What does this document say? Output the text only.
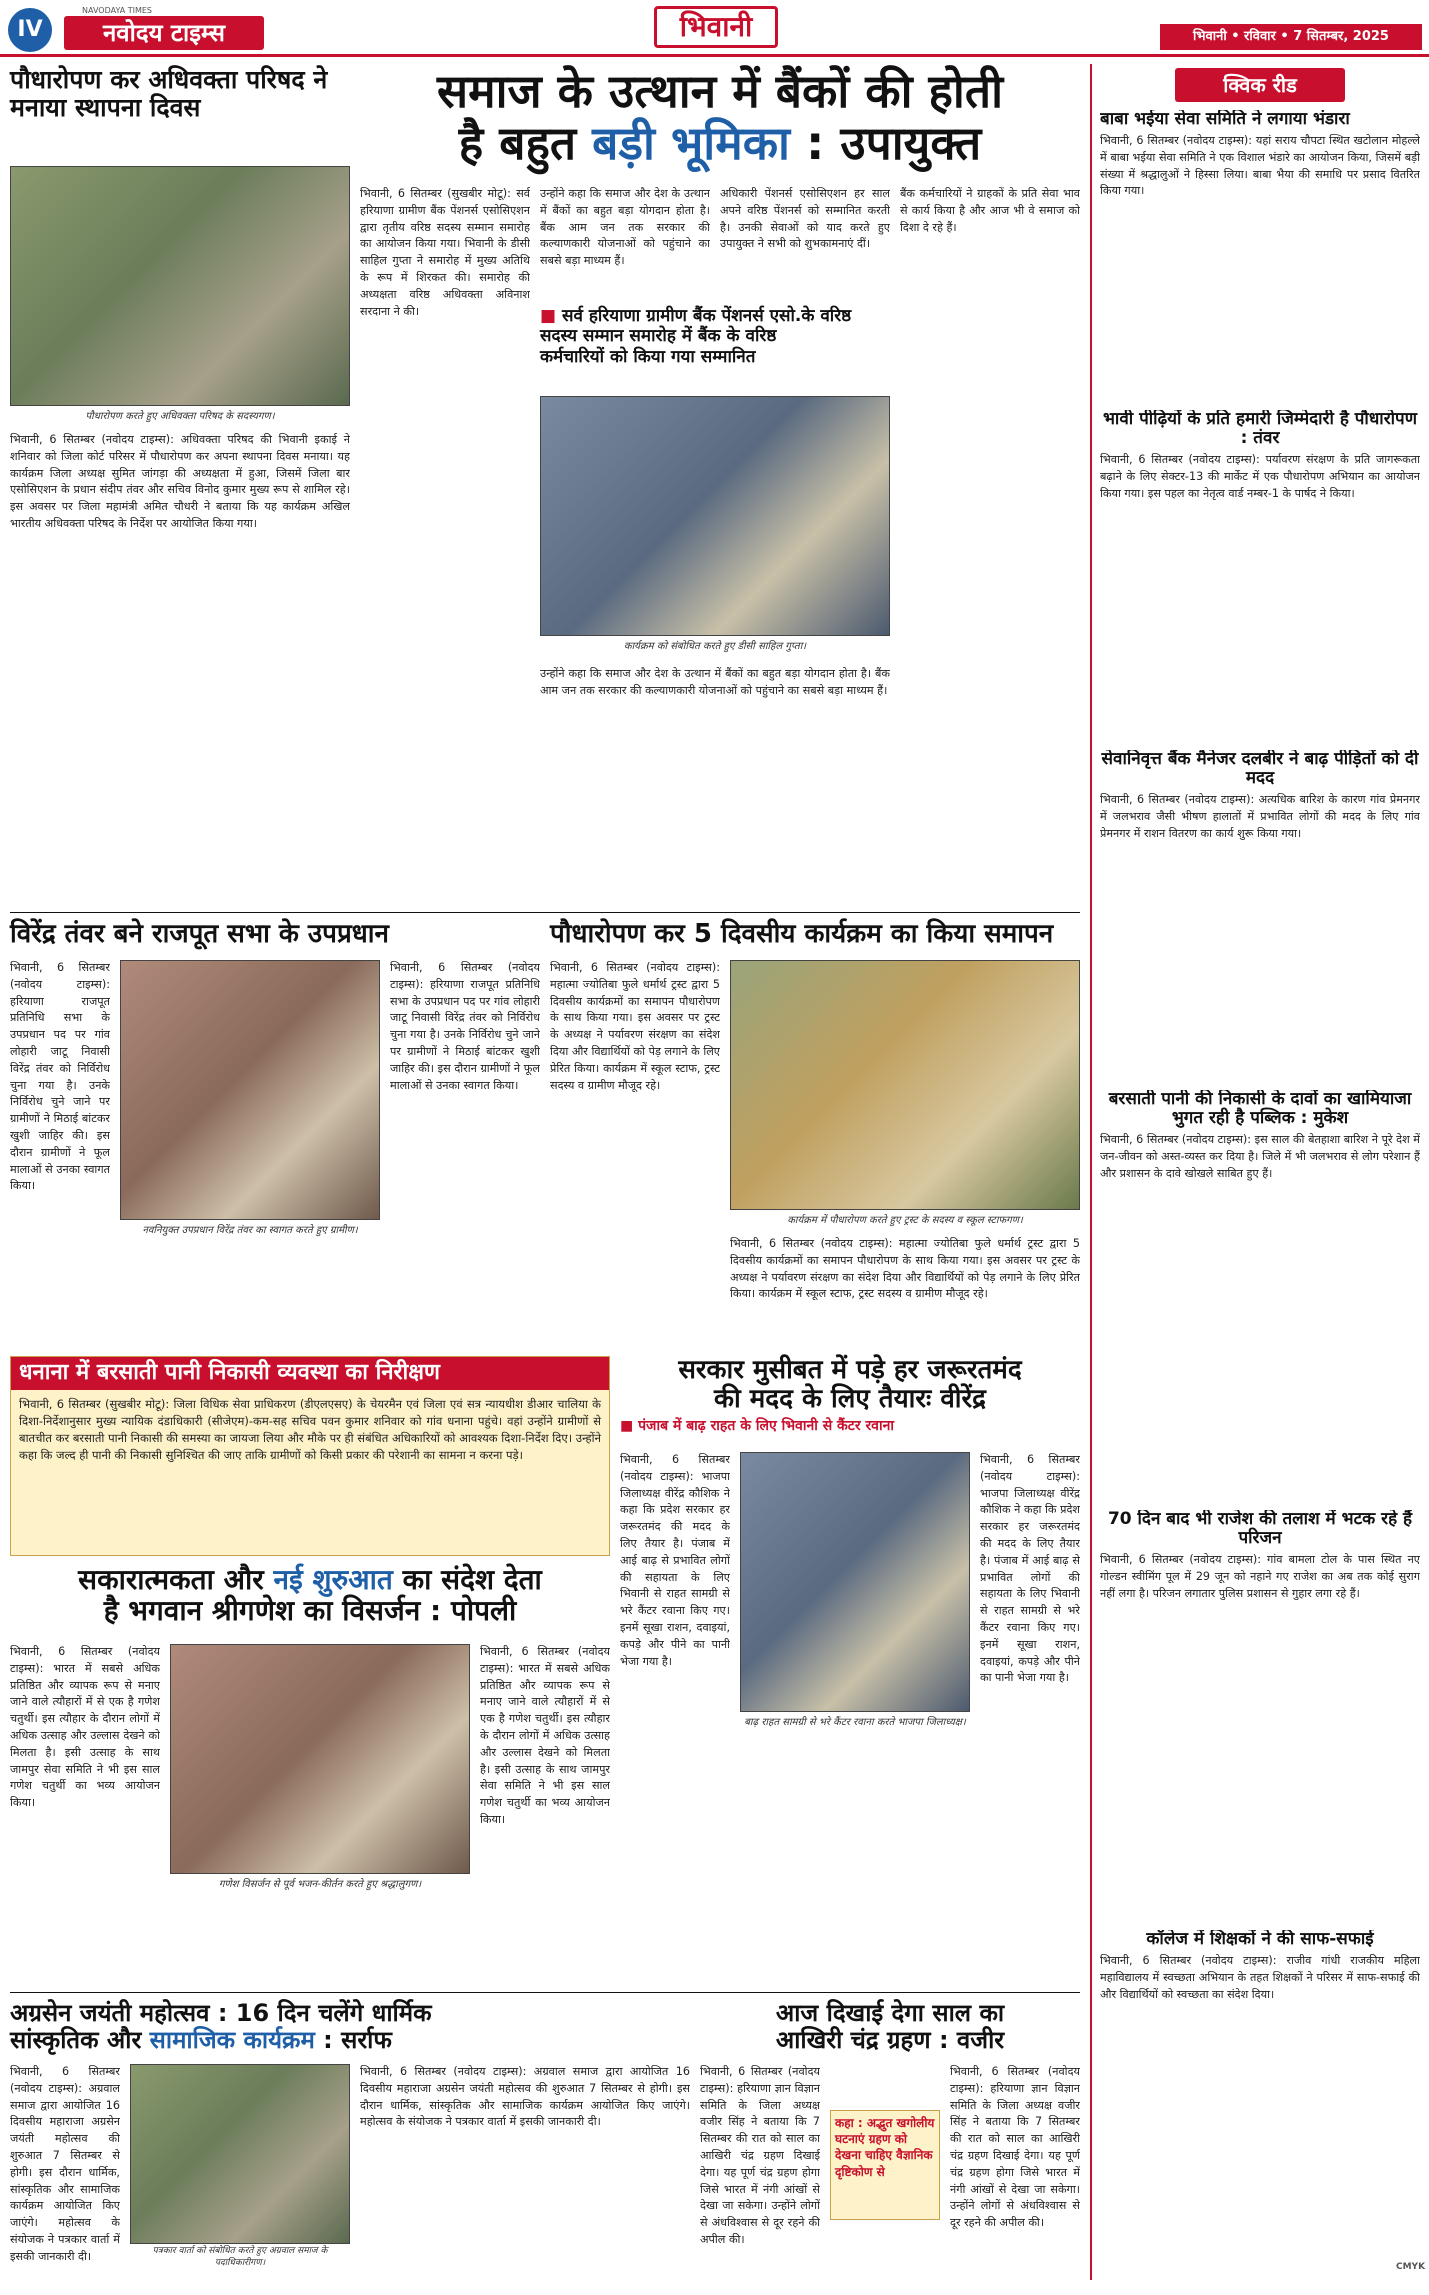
IV
NAVODAYA TIMES
नवोदय टाइम्स	भिवानी	भिवानी • रविवार • 7 सितम्बर, 2025
पौधारोपण कर अधिवक्ता परिषद ने मनाया स्थापना दिवस
पौधारोपण करते हुए अधिवक्ता परिषद के सदस्यगण।
भिवानी, 6 सितम्बर (नवोदय टाइम्स): अधिवक्ता परिषद की भिवानी इकाई ने शनिवार को जिला कोर्ट परिसर में पौधारोपण कर अपना स्थापना दिवस मनाया। यह कार्यक्रम जिला अध्यक्ष सुमित जांगड़ा की अध्यक्षता में हुआ, जिसमें जिला बार एसोसिएशन के प्रधान संदीप तंवर और सचिव विनोद कुमार मुख्य रूप से शामिल रहे। इस अवसर पर जिला महामंत्री अमित चौधरी ने बताया कि यह कार्यक्रम अखिल भारतीय अधिवक्ता परिषद के निर्देश पर आयोजित किया गया।
समाज के उत्थान में बैंकों की होती
है बहुत बड़ी भूमिका : उपायुक्त
भिवानी, 6 सितम्बर (सुखबीर मोटू): सर्व हरियाणा ग्रामीण बैंक पेंशनर्स एसोसिएशन द्वारा तृतीय वरिष्ठ सदस्य सम्मान समारोह का आयोजन किया गया। भिवानी के डीसी साहिल गुप्ता ने समारोह में मुख्य अतिथि के रूप में शिरकत की। समारोह की अध्यक्षता वरिष्ठ अधिवक्ता अविनाश सरदाना ने की।
उन्होंने कहा कि समाज और देश के उत्थान में बैंकों का बहुत बड़ा योगदान होता है। बैंक आम जन तक सरकार की कल्याणकारी योजनाओं को पहुंचाने का सबसे बड़ा माध्यम हैं।
अधिकारी पेंशनर्स एसोसिएशन हर साल अपने वरिष्ठ पेंशनर्स को सम्मानित करती है। उनकी सेवाओं को याद करते हुए उपायुक्त ने सभी को शुभकामनाएं दीं।
बैंक कर्मचारियों ने ग्राहकों के प्रति सेवा भाव से कार्य किया है और आज भी वे समाज को दिशा दे रहे हैं।
■ सर्व हरियाणा ग्रामीण बैंक पेंशनर्स एसो.के वरिष्ठ
सदस्य सम्मान समारोह में बैंक के वरिष्ठ
कर्मचारियों को किया गया सम्मानित
कार्यक्रम को संबोधित करते हुए डीसी साहिल गुप्ता।
उन्होंने कहा कि समाज और देश के उत्थान में बैंकों का बहुत बड़ा योगदान होता है। बैंक आम जन तक सरकार की कल्याणकारी योजनाओं को पहुंचाने का सबसे बड़ा माध्यम हैं।
विरेंद्र तंवर बने राजपूत सभा के उपप्रधान
भिवानी, 6 सितम्बर (नवोदय टाइम्स): हरियाणा राजपूत प्रतिनिधि सभा के उपप्रधान पद पर गांव लोहारी जाटू निवासी विरेंद्र तंवर को निर्विरोध चुना गया है। उनके निर्विरोध चुने जाने पर ग्रामीणों ने मिठाई बांटकर खुशी जाहिर की। इस दौरान ग्रामीणों ने फूल मालाओं से उनका स्वागत किया।
नवनियुक्त उपप्रधान विरेंद्र तंवर का स्वागत करते हुए ग्रामीण।
भिवानी, 6 सितम्बर (नवोदय टाइम्स): हरियाणा राजपूत प्रतिनिधि सभा के उपप्रधान पद पर गांव लोहारी जाटू निवासी विरेंद्र तंवर को निर्विरोध चुना गया है। उनके निर्विरोध चुने जाने पर ग्रामीणों ने मिठाई बांटकर खुशी जाहिर की। इस दौरान ग्रामीणों ने फूल मालाओं से उनका स्वागत किया।
पौधारोपण कर 5 दिवसीय कार्यक्रम का किया समापन
भिवानी, 6 सितम्बर (नवोदय टाइम्स): महात्मा ज्योतिबा फुले धर्मार्थ ट्रस्ट द्वारा 5 दिवसीय कार्यक्रमों का समापन पौधारोपण के साथ किया गया। इस अवसर पर ट्रस्ट के अध्यक्ष ने पर्यावरण संरक्षण का संदेश दिया और विद्यार्थियों को पेड़ लगाने के लिए प्रेरित किया। कार्यक्रम में स्कूल स्टाफ, ट्रस्ट सदस्य व ग्रामीण मौजूद रहे।
कार्यक्रम में पौधारोपण करते हुए ट्रस्ट के सदस्य व स्कूल स्टाफगण।
भिवानी, 6 सितम्बर (नवोदय टाइम्स): महात्मा ज्योतिबा फुले धर्मार्थ ट्रस्ट द्वारा 5 दिवसीय कार्यक्रमों का समापन पौधारोपण के साथ किया गया। इस अवसर पर ट्रस्ट के अध्यक्ष ने पर्यावरण संरक्षण का संदेश दिया और विद्यार्थियों को पेड़ लगाने के लिए प्रेरित किया। कार्यक्रम में स्कूल स्टाफ, ट्रस्ट सदस्य व ग्रामीण मौजूद रहे।
धनाना में बरसाती पानी निकासी व्यवस्था का निरीक्षण
भिवानी, 6 सितम्बर (सुखबीर मोटू): जिला विधिक सेवा प्राधिकरण (डीएलएसए) के चेयरमैन एवं जिला एवं सत्र न्यायधीश डीआर चालिया के दिशा-निर्देशानुसार मुख्य न्यायिक दंडाधिकारी (सीजेएम)-कम-सह सचिव पवन कुमार शनिवार को गांव धनाना पहुंचे। वहां उन्होंने ग्रामीणों से बातचीत कर बरसाती पानी निकासी की समस्या का जायजा लिया और मौके पर ही संबंधित अधिकारियों को आवश्यक दिशा-निर्देश दिए। उन्होंने कहा कि जल्द ही पानी की निकासी सुनिश्चित की जाए ताकि ग्रामीणों को किसी प्रकार की परेशानी का सामना न करना पड़े।
सरकार मुसीबत में पड़े हर जरूरतमंद
की मदद के लिए तैयारः वीरेंद्र
■ पंजाब में बाढ़ राहत के लिए भिवानी से कैंटर रवाना
भिवानी, 6 सितम्बर (नवोदय टाइम्स): भाजपा जिलाध्यक्ष वीरेंद्र कौशिक ने कहा कि प्रदेश सरकार हर जरूरतमंद की मदद के लिए तैयार है। पंजाब में आई बाढ़ से प्रभावित लोगों की सहायता के लिए भिवानी से राहत सामग्री से भरे कैंटर रवाना किए गए। इनमें सूखा राशन, दवाइयां, कपड़े और पीने का पानी भेजा गया है।
बाढ़ राहत सामग्री से भरे कैंटर रवाना करते भाजपा जिलाध्यक्ष।
भिवानी, 6 सितम्बर (नवोदय टाइम्स): भाजपा जिलाध्यक्ष वीरेंद्र कौशिक ने कहा कि प्रदेश सरकार हर जरूरतमंद की मदद के लिए तैयार है। पंजाब में आई बाढ़ से प्रभावित लोगों की सहायता के लिए भिवानी से राहत सामग्री से भरे कैंटर रवाना किए गए। इनमें सूखा राशन, दवाइयां, कपड़े और पीने का पानी भेजा गया है।
सकारात्मकता और नई शुरुआत का संदेश देता
है भगवान श्रीगणेश का विसर्जन : पोपली
भिवानी, 6 सितम्बर (नवोदय टाइम्स): भारत में सबसे अधिक प्रतिष्ठित और व्यापक रूप से मनाए जाने वाले त्यौहारों में से एक है गणेश चतुर्थी। इस त्यौहार के दौरान लोगों में अधिक उत्साह और उल्लास देखने को मिलता है। इसी उत्साह के साथ जामपुर सेवा समिति ने भी इस साल गणेश चतुर्थी का भव्य आयोजन किया।
गणेश विसर्जन से पूर्व भजन-कीर्तन करते हुए श्रद्धालुगण।
भिवानी, 6 सितम्बर (नवोदय टाइम्स): भारत में सबसे अधिक प्रतिष्ठित और व्यापक रूप से मनाए जाने वाले त्यौहारों में से एक है गणेश चतुर्थी। इस त्यौहार के दौरान लोगों में अधिक उत्साह और उल्लास देखने को मिलता है। इसी उत्साह के साथ जामपुर सेवा समिति ने भी इस साल गणेश चतुर्थी का भव्य आयोजन किया।
अग्रसेन जयंती महोत्सव : 16 दिन चलेंगे धार्मिक
सांस्कृतिक और सामाजिक कार्यक्रम : सर्राफ
भिवानी, 6 सितम्बर (नवोदय टाइम्स): अग्रवाल समाज द्वारा आयोजित 16 दिवसीय महाराजा अग्रसेन जयंती महोत्सव की शुरुआत 7 सितम्बर से होगी। इस दौरान धार्मिक, सांस्कृतिक और सामाजिक कार्यक्रम आयोजित किए जाएंगे। महोत्सव के संयोजक ने पत्रकार वार्ता में इसकी जानकारी दी।	पत्रकार वार्ता को संबोधित करते हुए अग्रवाल समाज के पदाधिकारीगण।
भिवानी, 6 सितम्बर (नवोदय टाइम्स): अग्रवाल समाज द्वारा आयोजित 16 दिवसीय महाराजा अग्रसेन जयंती महोत्सव की शुरुआत 7 सितम्बर से होगी। इस दौरान धार्मिक, सांस्कृतिक और सामाजिक कार्यक्रम आयोजित किए जाएंगे। महोत्सव के संयोजक ने पत्रकार वार्ता में इसकी जानकारी दी।
आज दिखाई देगा साल का
आखिरी चंद्र ग्रहण : वजीर
भिवानी, 6 सितम्बर (नवोदय टाइम्स): हरियाणा ज्ञान विज्ञान समिति के जिला अध्यक्ष वजीर सिंह ने बताया कि 7 सितम्बर की रात को साल का आखिरी चंद्र ग्रहण दिखाई देगा। यह पूर्ण चंद्र ग्रहण होगा जिसे भारत में नंगी आंखों से देखा जा सकेगा। उन्होंने लोगों से अंधविश्वास से दूर रहने की अपील की।
कहा : अद्भुत खगोलीय घटनाएं ग्रहण को देखना चाहिए वैज्ञानिक दृष्टिकोण से
भिवानी, 6 सितम्बर (नवोदय टाइम्स): हरियाणा ज्ञान विज्ञान समिति के जिला अध्यक्ष वजीर सिंह ने बताया कि 7 सितम्बर की रात को साल का आखिरी चंद्र ग्रहण दिखाई देगा। यह पूर्ण चंद्र ग्रहण होगा जिसे भारत में नंगी आंखों से देखा जा सकेगा। उन्होंने लोगों से अंधविश्वास से दूर रहने की अपील की।
क्विक रीड
बाबा भईया सेवा समिति ने लगाया भंडारा
भिवानी, 6 सितम्बर (नवोदय टाइम्स): यहां सराय चौपटा स्थित खटोलान मोहल्ले में बाबा भईया सेवा समिति ने एक विशाल भंडारे का आयोजन किया, जिसमें बड़ी संख्या में श्रद्धालुओं ने हिस्सा लिया। बाबा भैया की समाधि पर प्रसाद वितरित किया गया।
भावी पीढ़ियों के प्रति हमारी जिम्मेदारी है पौधारोपण : तंवर
भिवानी, 6 सितम्बर (नवोदय टाइम्स): पर्यावरण संरक्षण के प्रति जागरूकता बढ़ाने के लिए सेक्टर-13 की मार्केट में एक पौधारोपण अभियान का आयोजन किया गया। इस पहल का नेतृत्व वार्ड नम्बर-1 के पार्षद ने किया।
सेवानिवृत्त बैंक मैनेजर दलबीर ने बाढ़ पीड़ितों को दी मदद
भिवानी, 6 सितम्बर (नवोदय टाइम्स): अत्यधिक बारिश के कारण गांव प्रेमनगर में जलभराव जैसी भीषण हालातों में प्रभावित लोगों की मदद के लिए गांव प्रेमनगर में राशन वितरण का कार्य शुरू किया गया।
बरसाती पानी की निकासी के दावों का खामियाजा भुगत रही है पब्लिक : मुकेश
भिवानी, 6 सितम्बर (नवोदय टाइम्स): इस साल की बेतहाशा बारिश ने पूरे देश में जन-जीवन को अस्त-व्यस्त कर दिया है। जिले में भी जलभराव से लोग परेशान हैं और प्रशासन के दावे खोखले साबित हुए हैं।
70 दिन बाद भी राजेश की तलाश में भटक रहे हैं परिजन
भिवानी, 6 सितम्बर (नवोदय टाइम्स): गांव बामला टोल के पास स्थित नए गोल्डन स्वीमिंग पूल में 29 जून को नहाने गए राजेश का अब तक कोई सुराग नहीं लगा है। परिजन लगातार पुलिस प्रशासन से गुहार लगा रहे हैं।
कॉलेज में शिक्षकों ने की साफ-सफाई
भिवानी, 6 सितम्बर (नवोदय टाइम्स): राजीव गांधी राजकीय महिला महाविद्यालय में स्वच्छता अभियान के तहत शिक्षकों ने परिसर में साफ-सफाई की और विद्यार्थियों को स्वच्छता का संदेश दिया।
CMYK
